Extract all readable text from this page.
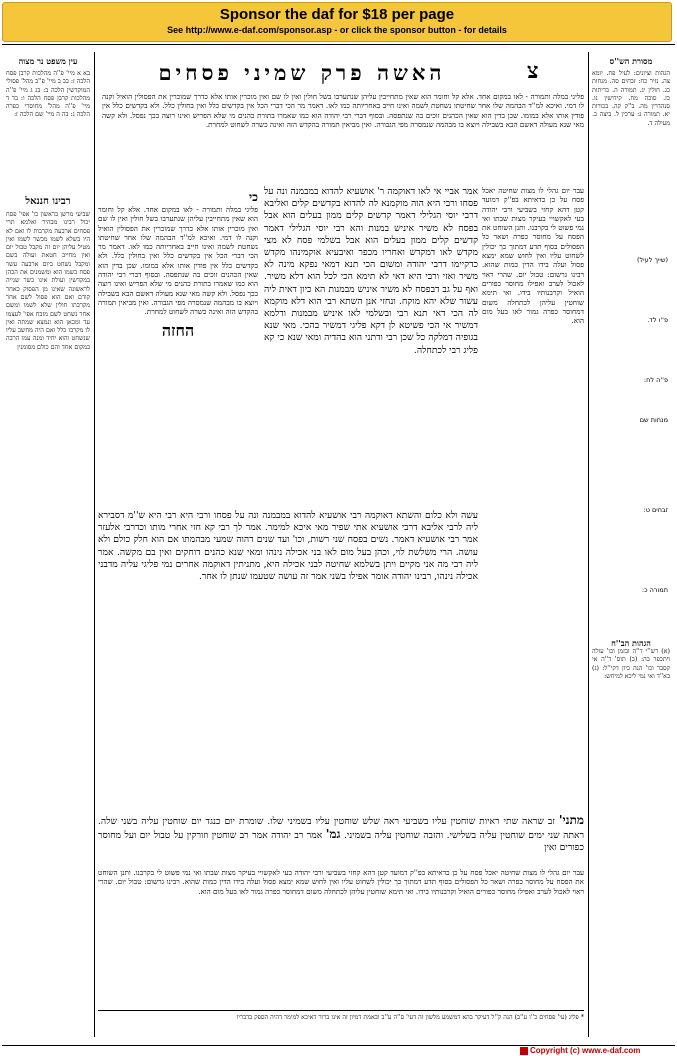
Sponsor the daf for $18 per page
See http://www.e-daf.com/sponsor.asp - or click the sponsor button - for details
עין משפט נר מצוה
בא א מיי' פ''ה מהלכות קרבן פסח הלכה ז: בב ב מיי' פ''ב מהל' פסולי המוקדשין הלכה ב: בג ג מיי' פ''ה מהלכות קרבן פסח הלכה ו: בד ד מיי' פ''ה מהל' מחוסרי כפרה הלכה ג: בה ה מיי' שם הלכה ז:
רבינו חננאל
שביעי מרשן בראשון כו' אפי' פסח יכול רבינו מבהיר ואלמא תרי פסחים ארבעה מקרבות לו ואם לא היו בשלא לשמו מכשר לשמו ואין מטיל עליהן יום זה מקבל טבול יום ואין מחייב חטאת ועולה בשם ומקבל נשחט ביום ארבעה עשר פסח בשמו הוא ומשמנים את הכהן במקדשין ועולת אינו כשר שנייה לראשונה שאינו מן הפסוק כאחר קודם ואם הוא פסול לשם אחר מקרבתו חולין שלא לשמו ומשם אחר נשחט לשם מזבח אפי' לעצמו עד ומכאן הוא ונמצא שמתה ואין לו מקרבו כלל ואם היה מחשב עליו שנשחט והוא יחיד ומנה עמו הרבה במקום אחד והם כולם מסומנין
האשה פרק שמיני פסחים	צ
פליגי במלה ותמורה - לאו במקום אחד. אלא קל וחומר הוא שאין מתחייבין עליהן שנתערבו בשל חולין ואין לו שם ואין מוכרין אותו אלא כדרך שמוכרין את הפסולין הואיל וקנה לו דמי. ואיכא למ''ד הבהמה שלו אחר שחיטתו נשחטת לשמה ואינו חייב באחריותה כמו לאו. דאמר מר הכי דברי הכל אין בקדשים כלל ואין בחולין כלל. ולא בקדשים כלל אין פודין אותו אלא במומו. שכן בדין הוא שאין הכהנים זוכים בה שנתפסה. ובסוף דברי רבי יהודה הוא כמו שאמרו בתורת כהנים מי שלא הפריש ואינו רוצה בכך נפסל. ולא קשה מאי שנא מעולה דאשם הבא בשבילה ויוצא בו מבהמה שנמסרה מפי הגבורה. ואין מביאין תמורה בהקדש הזה ואינה כשרה לשחוט למחרת.
כי
פליגי במלה ותמורה - לאו במקום אחד. אלא קל וחומר הוא שאין מתחייבין עליהן שנתערבו בשל חולין ואין לו שם ואין מוכרין אותו אלא כדרך שמוכרין את הפסולין הואיל וקנה לו דמי. ואיכא למ''ד הבהמה שלו אחר שחיטתו נשחטת לשמה ואינו חייב באחריותה כמו לאו. דאמר מר הכי דברי הכל אין בקדשים כלל ואין בחולין כלל. ולא בקדשים כלל אין פודין אותו אלא במומו. שכן בדין הוא שאין הכהנים זוכים בה שנתפסה. ובסוף דברי רבי יהודה הוא כמו שאמרו בתורת כהנים מי שלא הפריש ואינו רוצה בכך נפסל. ולא קשה מאי שנא מעולה דאשם הבא בשבילה ויוצא בו מבהמה שנמסרה מפי הגבורה. ואין מביאין תמורה בהקדש הזה ואינה כשרה לשחוט למחרת.
החזה
אמר אביי אי לאו דאוקמה ר' אושעיא להדוא במבמנה ונה על פסחו ורבי היא הוה מוקמנא לה להדוא בקדשים קלים ואליבא דרבי יוסי הגלילי דאמר קדשים קלים ממון בעלים הוא אבל בפסח לא משיר איניש במנות והא רבי יוסי הגלילי דאמר קדשים קלים ממון בעלים הוא אבל בשלמי פסח לא מצי מקדש לאו דמקדש ואחריו מכפר ואיבעיא אוקמינהו מקדש כדקיימו דרבי יהודה ומשום הכי תנא דמאי נפקא מינה לא משיר ואזי ורבי היא דאי לא תימא הכי לכל הוא דלא משיר. ואף על גב דבפסח לא משיר איניש מבמנות הא כיון דאית ליה עשור שלא יהא מוקח. ונחזי אנן השתא רבי הוא דלא מוקמא לה הכי דאי תנא רבי ובשלמי לאו איניש מבמנות ודלמא דמשיר אי הכי פשיטא לן דקא פליגי דמשיר בהכי. מאי שנא בגופיה דמלקה כל שכן רבי ודתני הוא בהדיה ומאי שנא כי קא פליג רבי לכתחלה.
עבר יום גהלי לו מצות שחיטה יאכל פסח על כן כדאיתא בפ''ק דמועד קטן דהא קחזי בשביעי ורבי יהודה בעי לאקשויי בעיקר מצות שבתו ואי נמי פשוט לי בקרבנו. ותנן השוחט את הפסח על מחוסר כפרה ושאר כל הפסולים בסוף תדע דמתוך כך יכולין לשחוט עליו ואין לחוש שמא ימצא פסול ועלה בידו הדין כמות שהוא. רבינו גרשום: טבול יום. שהרי ראוי לאכול לערב ואפילו מחוסר כפורים הואיל וקרבנותיו בידו. ואי תימא שוחטין עליהן לכתחלה משום דמחוסר כפרה גמור לאו בעל מום הוא.
עשה ולא כלום והשתא דאוקמה רבי אושעיא להדוא במבמנה ונה על פסחו ורבי היא רבי היא ש''מ דסבירא ליה לרבי אליבא דרבי אושעיא אתי שפיר מאי איכא למימר. אמר לך רבי קא חזי אחרי מותו וכדרבי אלעזר אמר רבי אושעיא דאמר. נשים בפסח שני רשות, וכו' ועד שנים דהוה שמעי מבהמתו אם הוא חלק כולם ולא עושה. הרי משלשת לוי, וכהן בעל מום לאו בני אכילה נינהו ומאי שנא כהנים דוחקים ואין בם מקשה. אמר ליה רבי מה אני מקיים ויתן בשלמא שחיטה לבני אכילה היא, מתניתין דאוקמה אחרים נמי פליגי עליה מדבני אכילה נינהו, רבינו יהודה אומר אפילו בשני אמר זה עושה שטעמו שנתן לו אחר.
מתני' זב שראה שתי ראיות שוחטין עליו בשביעי ראה שלש שוחטין עליו בשמיני שלו. שומרת יום כנגד יום שוחטין עליה בשני שלה. ראתה שני ימים שוחטין עליה בשלישי. והזבה שוחטין עליה בשמיני. גמ' אמר רב יהודה אמר רב שוחטין וזורקין על טבול יום ועל מחוסר כפורים ואין
עבר יום גהלי לו מצות שחיטה יאכל פסח על כן כדאיתא בפ''ק דמועד קטן דהא קחזי בשביעי ורבי יהודה בעי לאקשויי בעיקר מצות שבתו ואי נמי פשוט לי בקרבנו. ותנן השוחט את הפסח על מחוסר כפרה ושאר כל הפסולים בסוף תדע דמתוך כך יכולין לשחוט עליו ואין לחוש שמא ימצא פסול ועלה בידו הדין כמות שהוא. רבינו גרשום: טבול יום. שהרי ראוי לאכול לערב ואפילו מחוסר כפורים הואיל וקרבנותיו בידו. ואי תימא שוחטין עליהן לכתחלה משום דמחוסר כפרה גמור לאו בעל מום הוא.
* פליג (עי' פסחים כ''ו ע''ב) הנה ק''ל דעיקר בהא דמשמע מלשון זה דעי' ס''ה ע''ב ובאמת דמיון זה אינו ברור דאיכא למימר דהיה הספק בדבריו
מסורת הש''ס
הגהות וציונים: לעיל פח. יומא צה. נזיר כח: זבחים סה. מנחות כג. חולין יג. תמורה ה. כריתות כז. סוכה מח. קידושין נו. סנהדרין מה. ב''ק קה. בכורות יא. תמורה ג: ערכין ל. ביצה כ. מעילה ד.
הגהות הב''ח
(א) רש''י ד''ה ובזמן וכו' עולה ויתכפר בה: (ב) תוס' ד''ה אי קסבר וכו' הנה כיון דקי''ל: (ג) בא''ד ואי נמי ליכא למיחש:
(שייך לעיל)
פ''ו לד.
פ''ה לח:
מנחות שם
זבחים ט:
תמורה כ:
Copyright (c) www.e-daf.com
